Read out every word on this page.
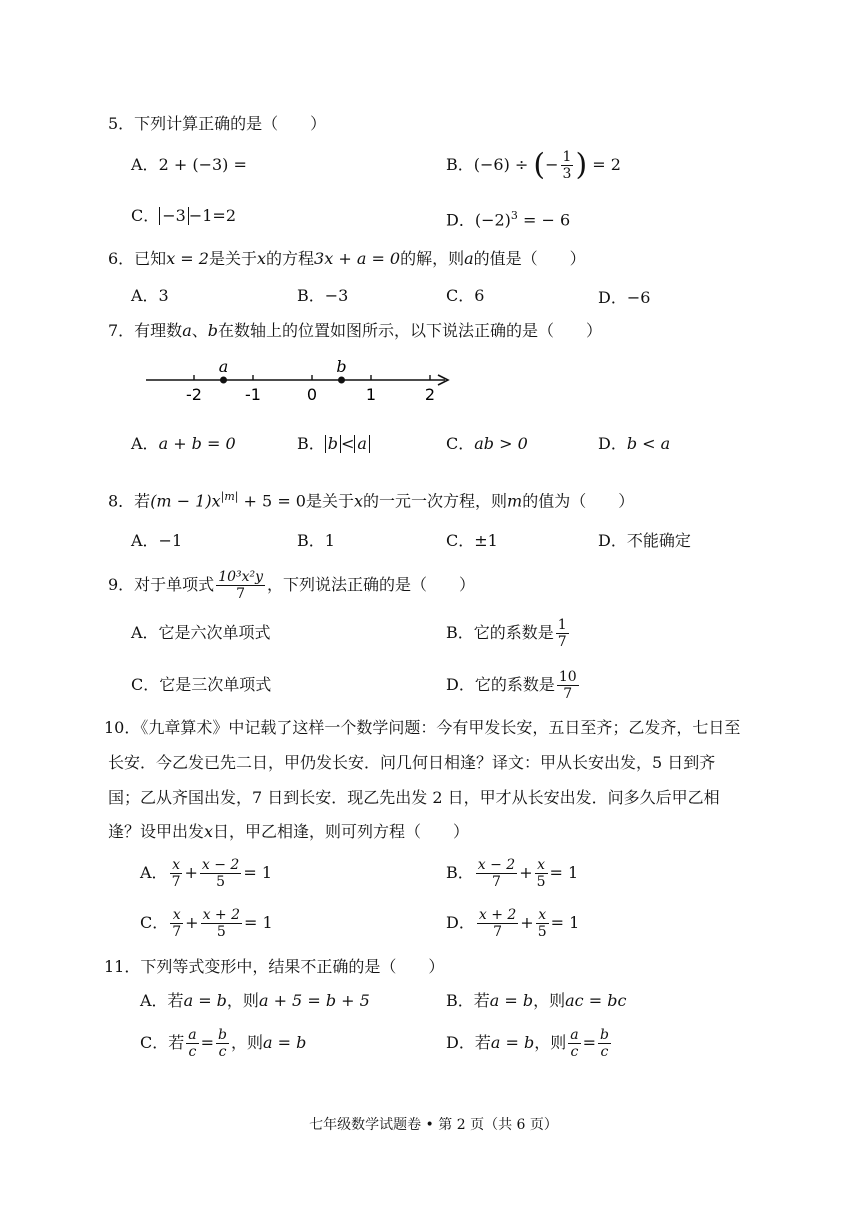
5．下列计算正确的是（　　）
A．2 + (−3) =	B．(−6) ÷ (− $\frac{1}{3}$ ) = 2
C． −3 −1=2	D．$(-2)^3$ = − 6
6．已知x = 2是关于x的方程3x + a = 0的解，则a的值是（　　）
A．3	B．−3	C．6	D．−6
7．有理数a、b在数轴上的位置如图所示，以下说法正确的是（　　）
-2	-1	0	1	2
a	b
A．a + b = 0	B． b < a	C．ab > 0	D．b < a
8．若$(m - 1)x^{|m|} + 5 = 0$是关于x的一元一次方程，则m的值为（　　）
A．−1	B．1	C．±1	D．不能确定
9．对于单项式 $\frac{\text{10³x²y}}{7}$ ，下列说法正确的是（　　）
A．它是六次单项式	B．它的系数是 $\frac{1}{7}$
C．它是三次单项式	D．它的系数是 $\frac{10}{7}$
10．《九章算术》中记载了这样一个数学问题：今有甲发长安，五日至齐；乙发齐，七日至
长安．今乙发已先二日，甲仍发长安．问几何日相逢？译文：甲从长安出发，5 日到齐
国；乙从齐国出发，7 日到长安．现乙先出发 2 日，甲才从长安出发．问多久后甲乙相
逢？设甲出发x日，甲乙相逢，则可列方程（　　）
A． $\frac{x}{7} + \frac{x - 2}{5} = 1$	B． $\frac{x - 2}{7} + \frac{x}{5} = 1$
C． $\frac{x}{7} + \frac{x + 2}{5} = 1$	D． $\frac{x + 2}{7} + \frac{x}{5} = 1$
11．下列等式变形中，结果不正确的是（　　）
A．若a = b，则a + 5 = b + 5	B．若a = b，则ac = bc
C．若 $\frac{a}{c} = \frac{b}{c}$ ，则a = b	D．若a = b，则 $\frac{a}{c} = \frac{b}{c}$
七年级数学试题卷 • 第 2 页（共 6 页）
